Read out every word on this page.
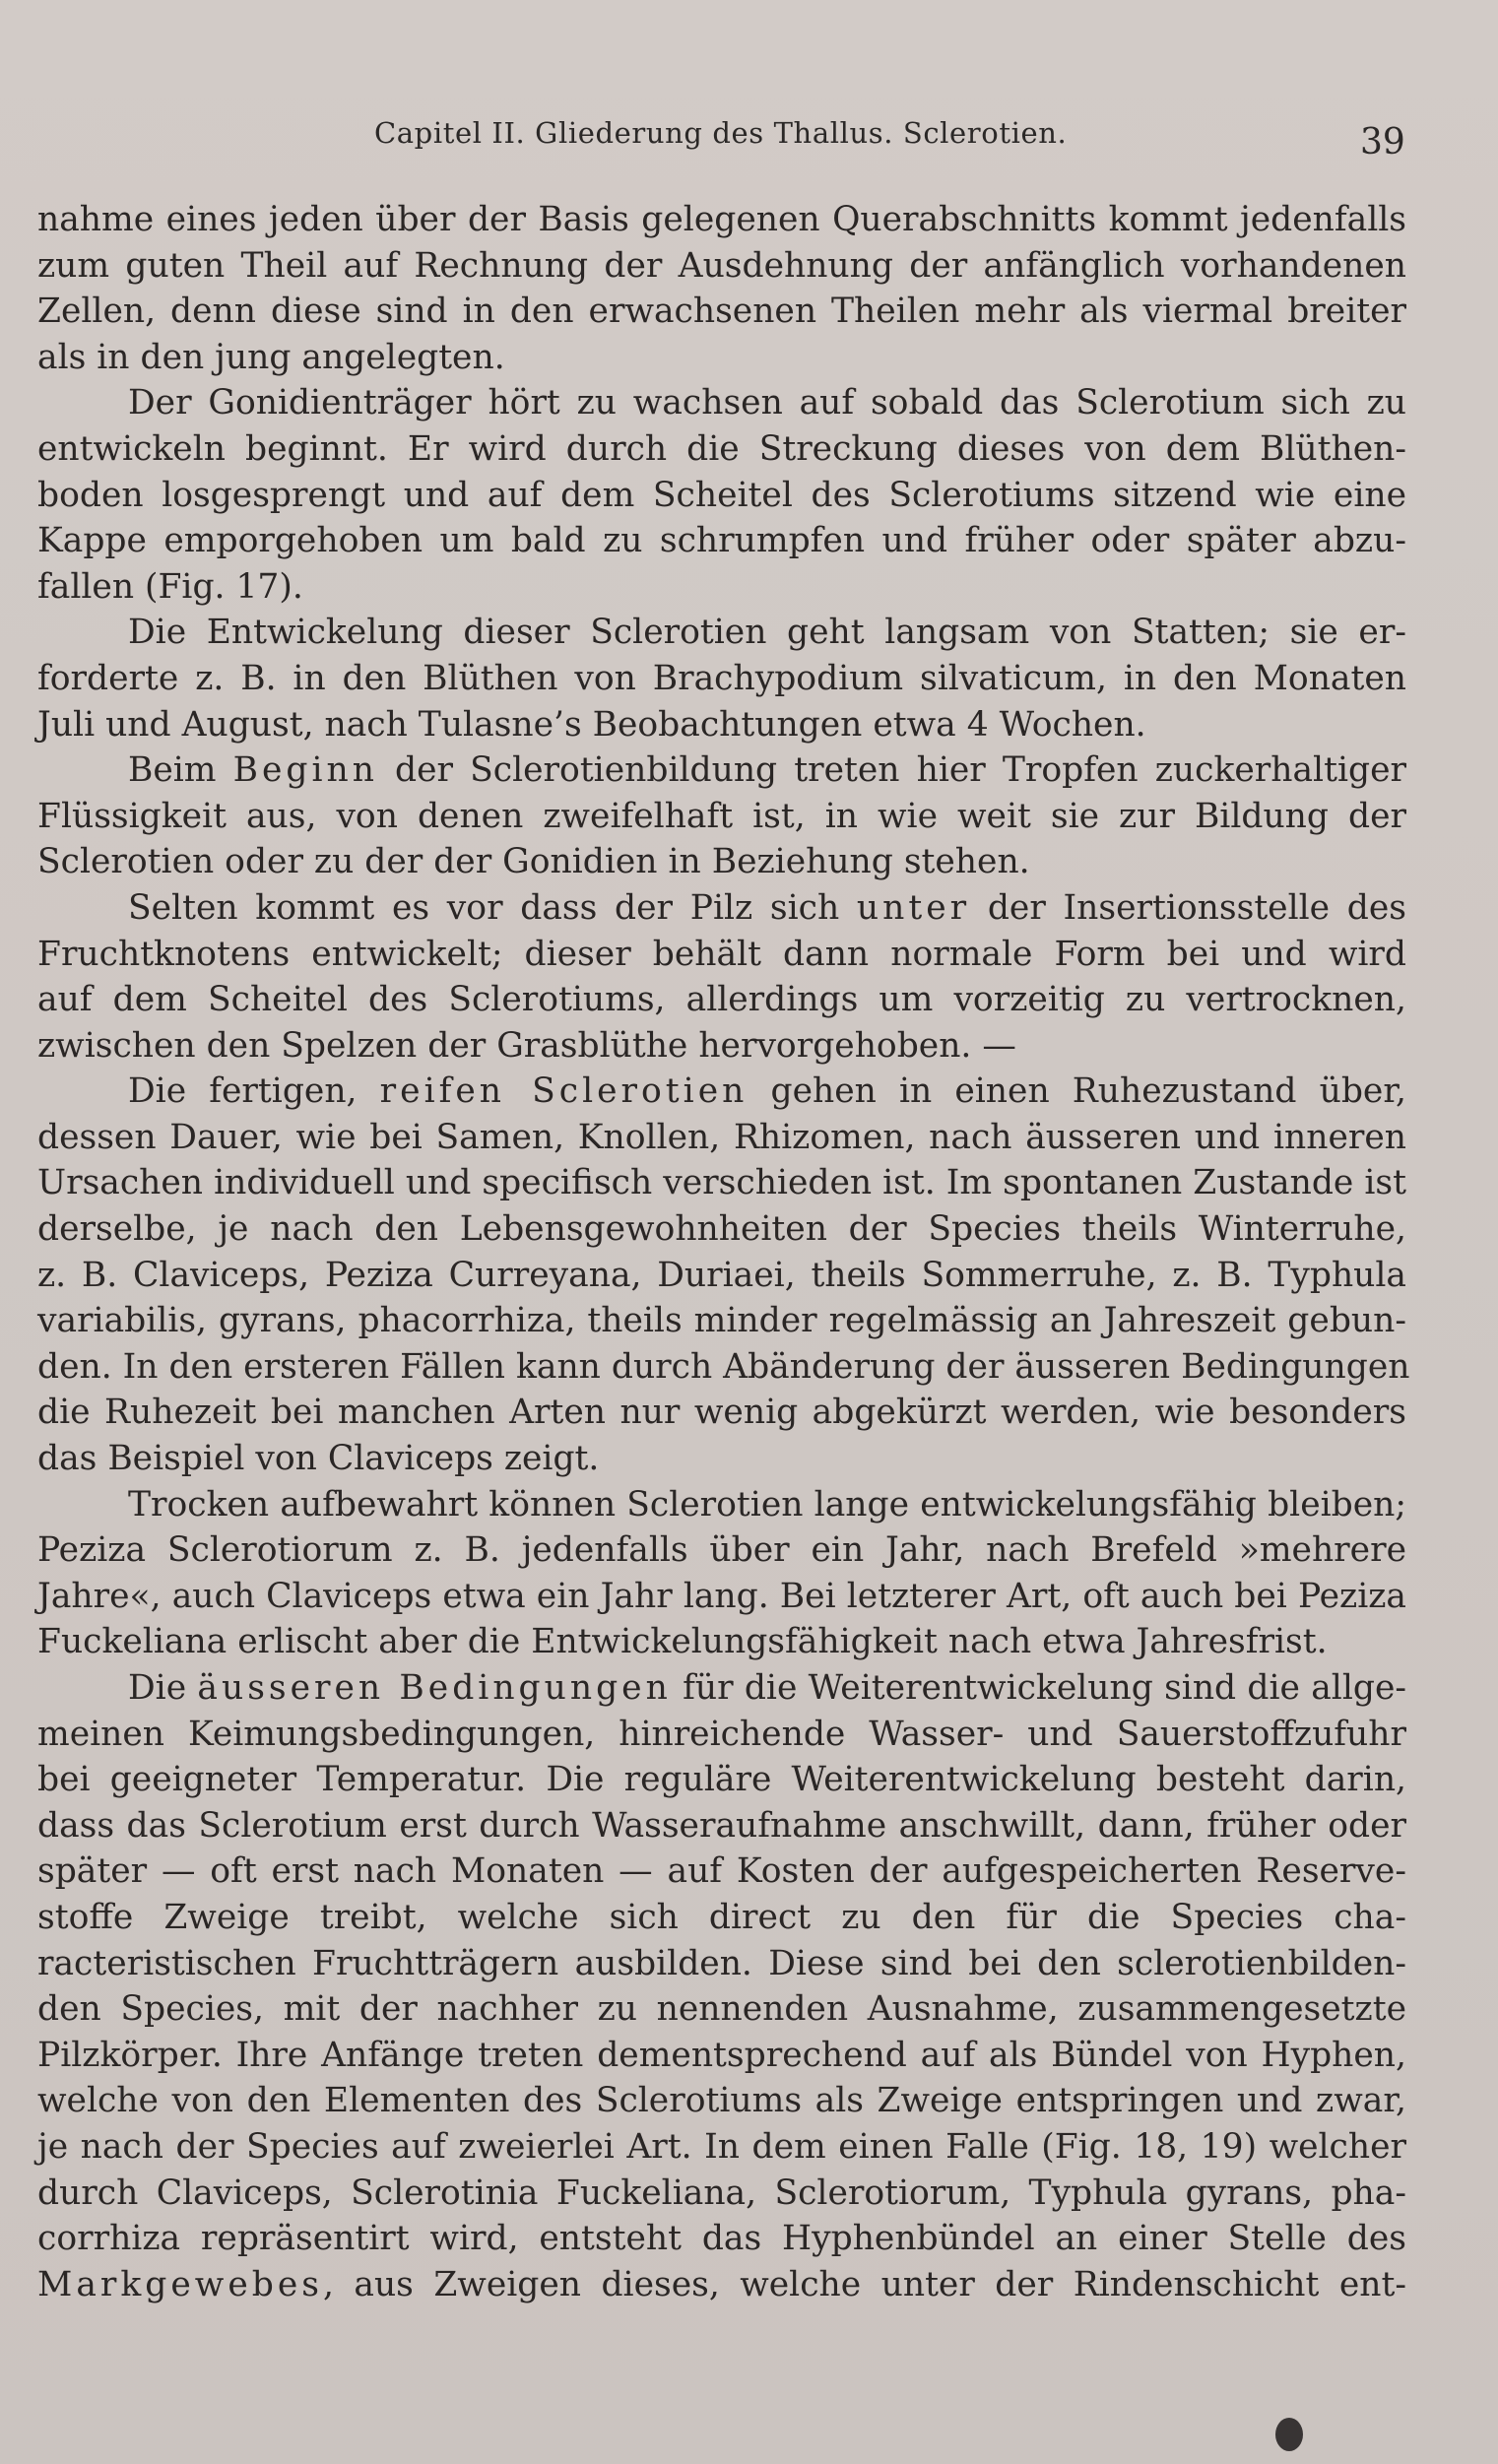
Capitel II. Gliederung des Thallus. Sclerotien.	39
nahme eines jeden über der Basis gelegenen Querabschnitts kommt jedenfalls
zum guten Theil auf Rechnung der Ausdehnung der anfänglich vorhandenen
Zellen, denn diese sind in den erwachsenen Theilen mehr als viermal breiter
als in den jung angelegten.
Der Gonidienträger hört zu wachsen auf sobald das Sclerotium sich zu
entwickeln beginnt. Er wird durch die Streckung dieses von dem Blüthen-
boden losgesprengt und auf dem Scheitel des Sclerotiums sitzend wie eine
Kappe emporgehoben um bald zu schrumpfen und früher oder später abzu-
fallen (Fig. 17).
Die Entwickelung dieser Sclerotien geht langsam von Statten; sie er-
forderte z. B. in den Blüthen von Brachypodium silvaticum, in den Monaten
Juli und August, nach Tulasne’s Beobachtungen etwa 4 Wochen.
Beim Beginn der Sclerotienbildung treten hier Tropfen zuckerhaltiger
Flüssigkeit aus, von denen zweifelhaft ist, in wie weit sie zur Bildung der
Sclerotien oder zu der der Gonidien in Beziehung stehen.
Selten kommt es vor dass der Pilz sich unter der Insertionsstelle des
Fruchtknotens entwickelt; dieser behält dann normale Form bei und wird
auf dem Scheitel des Sclerotiums, allerdings um vorzeitig zu vertrocknen,
zwischen den Spelzen der Grasblüthe hervorgehoben. —
Die fertigen, reifen Sclerotien gehen in einen Ruhezustand über,
dessen Dauer, wie bei Samen, Knollen, Rhizomen, nach äusseren und inneren
Ursachen individuell und specifisch verschieden ist. Im spontanen Zustande ist
derselbe, je nach den Lebensgewohnheiten der Species theils Winterruhe,
z. B. Claviceps, Peziza Curreyana, Duriaei, theils Sommerruhe, z. B. Typhula
variabilis, gyrans, phacorrhiza, theils minder regelmässig an Jahreszeit gebun-
den. In den ersteren Fällen kann durch Abänderung der äusseren Bedingungen
die Ruhezeit bei manchen Arten nur wenig abgekürzt werden, wie besonders
das Beispiel von Claviceps zeigt.
Trocken aufbewahrt können Sclerotien lange entwickelungsfähig bleiben;
Peziza Sclerotiorum z. B. jedenfalls über ein Jahr, nach Brefeld »mehrere
Jahre«, auch Claviceps etwa ein Jahr lang. Bei letzterer Art, oft auch bei Peziza
Fuckeliana erlischt aber die Entwickelungsfähigkeit nach etwa Jahresfrist.
Die äusseren Bedingungen für die Weiterentwickelung sind die allge-
meinen Keimungsbedingungen, hinreichende Wasser- und Sauerstoffzufuhr
bei geeigneter Temperatur. Die reguläre Weiterentwickelung besteht darin,
dass das Sclerotium erst durch Wasseraufnahme anschwillt, dann, früher oder
später — oft erst nach Monaten — auf Kosten der aufgespeicherten Reserve-
stoffe Zweige treibt, welche sich direct zu den für die Species cha-
racteristischen Fruchtträgern ausbilden. Diese sind bei den sclerotienbilden-
den Species, mit der nachher zu nennenden Ausnahme, zusammengesetzte
Pilzkörper. Ihre Anfänge treten dementsprechend auf als Bündel von Hyphen,
welche von den Elementen des Sclerotiums als Zweige entspringen und zwar,
je nach der Species auf zweierlei Art. In dem einen Falle (Fig. 18, 19) welcher
durch Claviceps, Sclerotinia Fuckeliana, Sclerotiorum, Typhula gyrans, pha-
corrhiza repräsentirt wird, entsteht das Hyphenbündel an einer Stelle des
Markgewebes, aus Zweigen dieses, welche unter der Rindenschicht ent-
